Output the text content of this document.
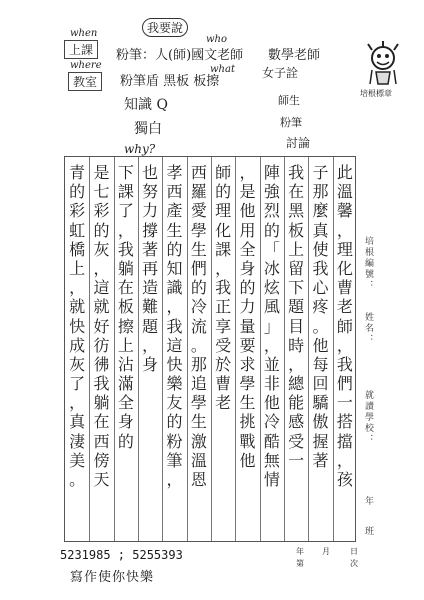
when
who
我要說
上課
where
教室
粉筆：人(師)國文老師 數學老師
女子詮
what
粉筆盾 黑板 板擦
知識 Q
獨白
why?
師生
粉筆
討論
培根標章
此
溫
馨
，
理
化
曹
老
師
，
我
們
一
搭
擋
，
孩
子
那
麼
真
使
我
心
疼
。
他
每
回
驕
傲
握
著
我
在
黑
板
上
留
下
題
目
時
，
總
能
感
受
一
陣
強
烈
的
「
冰
炫
風
」
，
並
非
他
冷
酷
無
情
，
是
他
用
全
身
的
力
量
要
求
學
生
挑
戰
他
師
的
理
化
課
，
我
正
享
受
於
曹
老
西
羅
愛
學
生
們
的
冷
流
。
那
追
學
生
激
溫
恩
孝
西
產
生
的
知
識
，
我
這
快
樂
友
的
粉
筆
，
也
努
力
撐
著
再
造
難
題
，
身
下
課
了
，
我
躺
在
板
擦
上
沾
滿
全
身
的
是
七
彩
的
灰
，
這
就
好
彷
彿
我
躺
在
西
傍
天
青
的
彩
虹
橋
上
，
就
快
成
灰
了
，
真
淒
美
。
培根編號：
姓名：
就讀學校：
年
班
年 月	日
第	次
5231985 ; 5255393
寫作使你快樂
